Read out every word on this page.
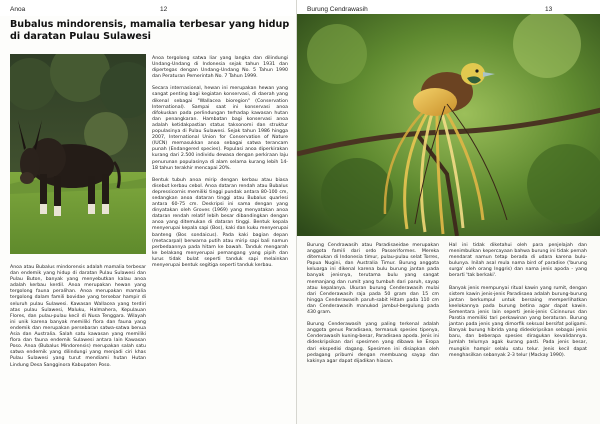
Anoa	12
Bubalus mindorensis, mamalia terbesar yang hidup di daratan Pulau Sulawesi

Anoa atau Bubalus mindorensis adalah mamalia terbesar dan endemik yang hidup di daratan Pulau Sulawesi dan Pulau Buton, banyak yang menyebutkan kalau anoa adalah kerbau kerdil. Anoa merupakan hewan yang tergolong fauna peralihan. Anoa merupakan mamalia tergolong dalam famili bovidae yang tersebar hampir di seluruh pulau Sulawesi. Kawasan Wallacea yang terdiri atas pulau Sulawesi, Maluku, Halmahera, Kepulauan Flores, dan pulau-pulau kecil di Nusa Tenggara. Wilayah ini unik karena banyak memiliki flora dan fauna yang endemik dan merupakan persebaran satwa-satwa benua Asia dan Australia. Salah satu kawasan yang memiliki flora dan fauna endemik Sulawesi antara lain Kawasan Poso. Anoa (Bubalus Mindorensis) merupakan salah satu satwa endemik yang dilindungi yang menjadi ciri khas Pulau Sulawesi yang turut mendiami hutan Hutan Lindung Desa Sangginora Kabupaten Poso.

Anoa tergolong satwa liar yang langka dan dilindungi Undang-Undang di Indonesia sejak tahun 1931 dan dipertegas dengan Undang-Undang No. 5 Tahun 1990 dan Peraturan Pemerintah No. 7 Tahun 1999.

Secara internasional, hewan ini merupakan hewan yang sangat penting bagi kegiatan konservasi, di daerah yang dikenal sebagai "Wallacea bioregion" (Conservation International). Sampai saat ini konservasi anoa difokuskan pada perlindungan terhadap kawasan hutan dan penangkaran. Hambatan bagi konservasi anoa adalah ketidakpastian status taksonomi dan struktur populasinya di Pulau Sulawesi. Sejak tahun 1986 hingga 2007, International Union for Conservation of Nature (IUCN) memasukkan anoa sebagai satwa terancam punah (Endangered species). Populasi anoa diperkirakan kurang dari 2.500 individu dewasa dengan perkiraan laju penurunan populasinya di alam selama kurang lebih 14-18 tahun terakhir mencapai 20%.

Bentuk tubuh anoa mirip dengan kerbau atau biasa disebut kerbau cebol. Anoa dataran rendah atau Bubalus depressicornis memiliki tinggi pundak antara 80-100 cm, sedangkan anoa dataran tinggi atau Bubalus quarlesi antara 60-75 cm. Deskripsi ini sama dengan yang dinyatakan oleh Groves (1969) yang menyatakan anoa dataran rendah relatif lebih besar dibandingkan dengan anoa yang ditemukan di dataran tinggi. Bentuk kepala menyerupai kepala sapi (Bos), kaki dan kuku menyerupai banteng (Bos sondaicus). Pada kaki bagian depan (metacarpal) berwarna putih atau mirip sapi bali namun perbedaannya pada hitam ke bawah. Tanduk mengarah ke belakang menyerupai pemangang yang pipih dan lurus tidak bulat seperti tanduk sapi melainkan menyerupai bentuk segitiga seperti tanduk kerbau.

Burung Cendrawasih	13

Burung Cendrawasih atau Paradisaeidae merupakan anggota famili dari ordo Passeriformes. Mereka ditemukan di Indonesia timur, pulau-pulau selat Torres, Papua Nugini, dan Australia Timur. Burung anggota keluarga ini dikenal karena bulu burung jantan pada banyak jenisnya, terutama bulu yang sangat memanjang dan rumit yang tumbuh dari paruh, sayap atau kepalanya. Ukuran burung Cenderawasih mulai dari Cenderawasih raja pada 50 gram dan 15 cm hingga Cenderawasih paruh-sabit Hitam pada 110 cm dan Cenderawasih manukod jambul-bergulung pada 430 gram.

Burung Cenderawasih yang paling terkenal adalah anggota genus Paradisaea, termasuk spesies tipenya, Cenderawasih kuning-besar, Paradisaea apoda. Jenis ini dideskripsikan dari spesimen yang dibawa ke Eropa dari ekspedisi dagang. Spesimen ini disiapkan oleh pedagang pribumi dengan membuang sayap dan kakinya agar dapat dijadikan hiasan.

Hal ini tidak diketahui oleh para penjelajah dan menimbulkan kepercayaan bahwa burung ini tidak pernah mendarat namun tetap berada di udara karena bulu-bulunya. Inilah asal mula nama bird of paradise ('burung surga' oleh orang Inggris) dan nama jenis apoda - yang berarti 'tak berkaki'.

Banyak jenis mempunyai ritual kawin yang rumit, dengan sistem kawin jenis-jenis Paradisaea adalah burung-burung jantan berkumpul untuk bersaing memperlihatkan keelokannya pada burung betina agar dapat kawin. Sementara jenis lain seperti jenis-jenis Cicinnurus dan Parotia memiliki tari perkawinan yang beraturan. Burung jantan pada jenis yang dimorfik seksual bersifat poligami. Banyak burung hibrida yang dideskripsikan sebagai jenis baru, dan beberapa spesies diragukan kevalidannya. Jumlah telurnya agak kurang pasti. Pada jenis besar, mungkin hampir selalu satu telur. Jenis kecil dapat menghasilkan sebanyak 2-3 telur (Mackay 1990).
